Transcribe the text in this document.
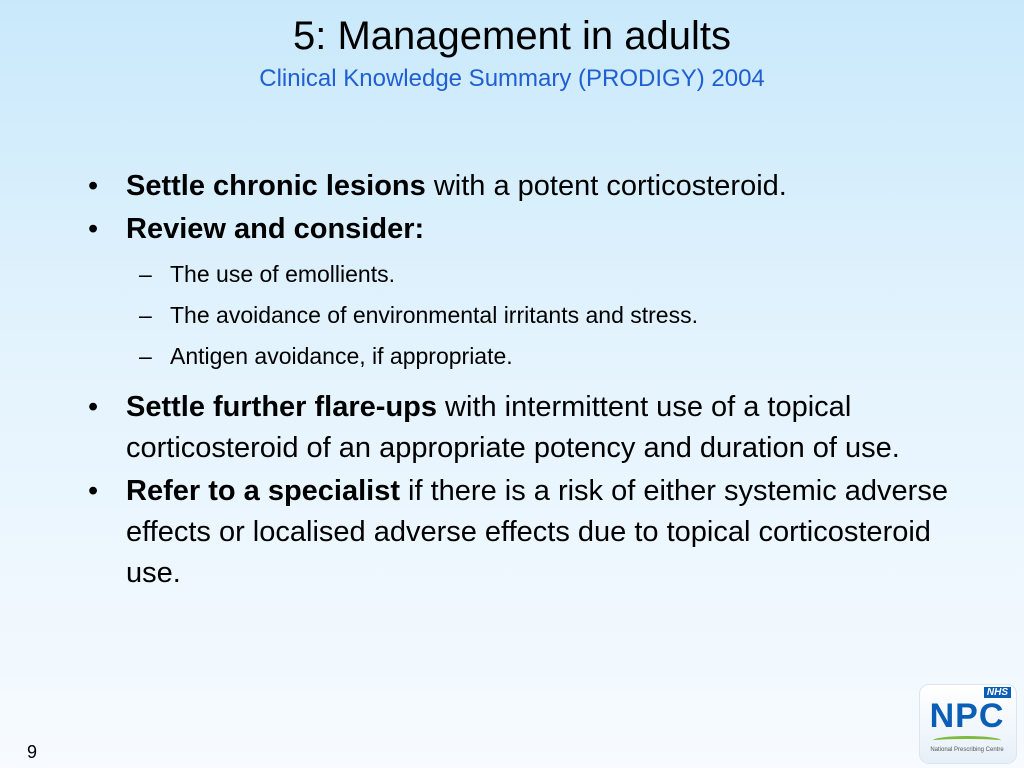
5: Management in adults
Clinical Knowledge Summary (PRODIGY) 2004
• Settle chronic lesions with a potent corticosteroid.
• Review and consider:
– The use of emollients.
– The avoidance of environmental irritants and stress.
– Antigen avoidance, if appropriate.
• Settle further flare-ups with intermittent use of a topical corticosteroid of an appropriate potency and duration of use.
• Refer to a specialist if there is a risk of either systemic adverse effects or localised adverse effects due to topical corticosteroid use.
9
NHS
NPC
National Prescribing Centre
